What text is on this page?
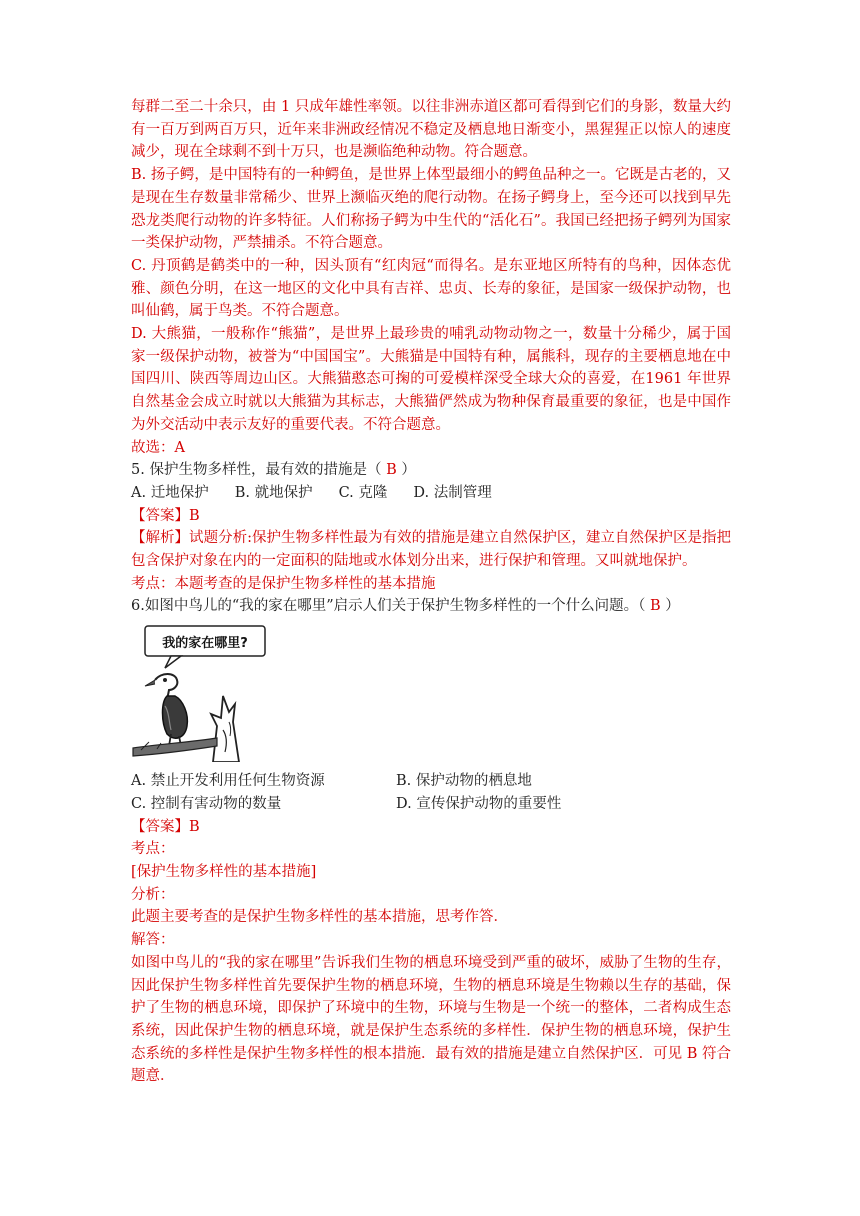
每群二至二十余只，由 1 只成年雄性率领。以往非洲赤道区都可看得到它们的身影，数量大约有一百万到两百万只，近年来非洲政经情况不稳定及栖息地日渐变小，黑猩猩正以惊人的速度减少，现在全球剩不到十万只，也是濒临绝种动物。符合题意。

B. 扬子鳄，是中国特有的一种鳄鱼，是世界上体型最细小的鳄鱼品种之一。它既是古老的，又是现在生存数量非常稀少、世界上濒临灭绝的爬行动物。在扬子鳄身上，至今还可以找到早先恐龙类爬行动物的许多特征。人们称扬子鳄为中生代的“活化石”。我国已经把扬子鳄列为国家一类保护动物，严禁捕杀。不符合题意。

C. 丹顶鹤是鹤类中的一种，因头顶有“红肉冠“而得名。是东亚地区所特有的鸟种，因体态优雅、颜色分明，在这一地区的文化中具有吉祥、忠贞、长寿的象征，是国家一级保护动物，也叫仙鹤，属于鸟类。不符合题意。

D. 大熊猫，一般称作“熊猫”，是世界上最珍贵的哺乳动物动物之一，数量十分稀少，属于国家一级保护动物，被誉为“中国国宝”。大熊猫是中国特有种，属熊科，现存的主要栖息地在中国四川、陕西等周边山区。大熊猫憨态可掬的可爱模样深受全球大众的喜爱，在1961 年世界自然基金会成立时就以大熊猫为其标志，大熊猫俨然成为物种保育最重要的象征，也是中国作为外交活动中表示友好的重要代表。不符合题意。

故选：A

5. 保护生物多样性，最有效的措施是（ B ）

A. 迁地保护 B. 就地保护 C. 克隆 D. 法制管理

【答案】B

【解析】试题分析:保护生物多样性最为有效的措施是建立自然保护区，建立自然保护区是指把包含保护对象在内的一定面积的陆地或水体划分出来，进行保护和管理。又叫就地保护。

考点：本题考查的是保护生物多样性的基本措施

6.如图中鸟儿的“我的家在哪里”启示人们关于保护生物多样性的一个什么问题。（ B ）

我的家在哪里?
A. 禁止开发利用任何生物资源	B. 保护动物的栖息地
C. 控制有害动物的数量	D. 宣传保护动物的重要性

【答案】B

考点：

[保护生物多样性的基本措施]

分析：

此题主要考查的是保护生物多样性的基本措施，思考作答．

解答：

如图中鸟儿的“我的家在哪里”告诉我们生物的栖息环境受到严重的破坏，威胁了生物的生存，因此保护生物多样性首先要保护生物的栖息环境，生物的栖息环境是生物赖以生存的基础，保护了生物的栖息环境，即保护了环境中的生物，环境与生物是一个统一的整体，二者构成生态系统，因此保护生物的栖息环境，就是保护生态系统的多样性．保护生物的栖息环境，保护生态系统的多样性是保护生物多样性的根本措施．最有效的措施是建立自然保护区．可见 B 符合题意．
